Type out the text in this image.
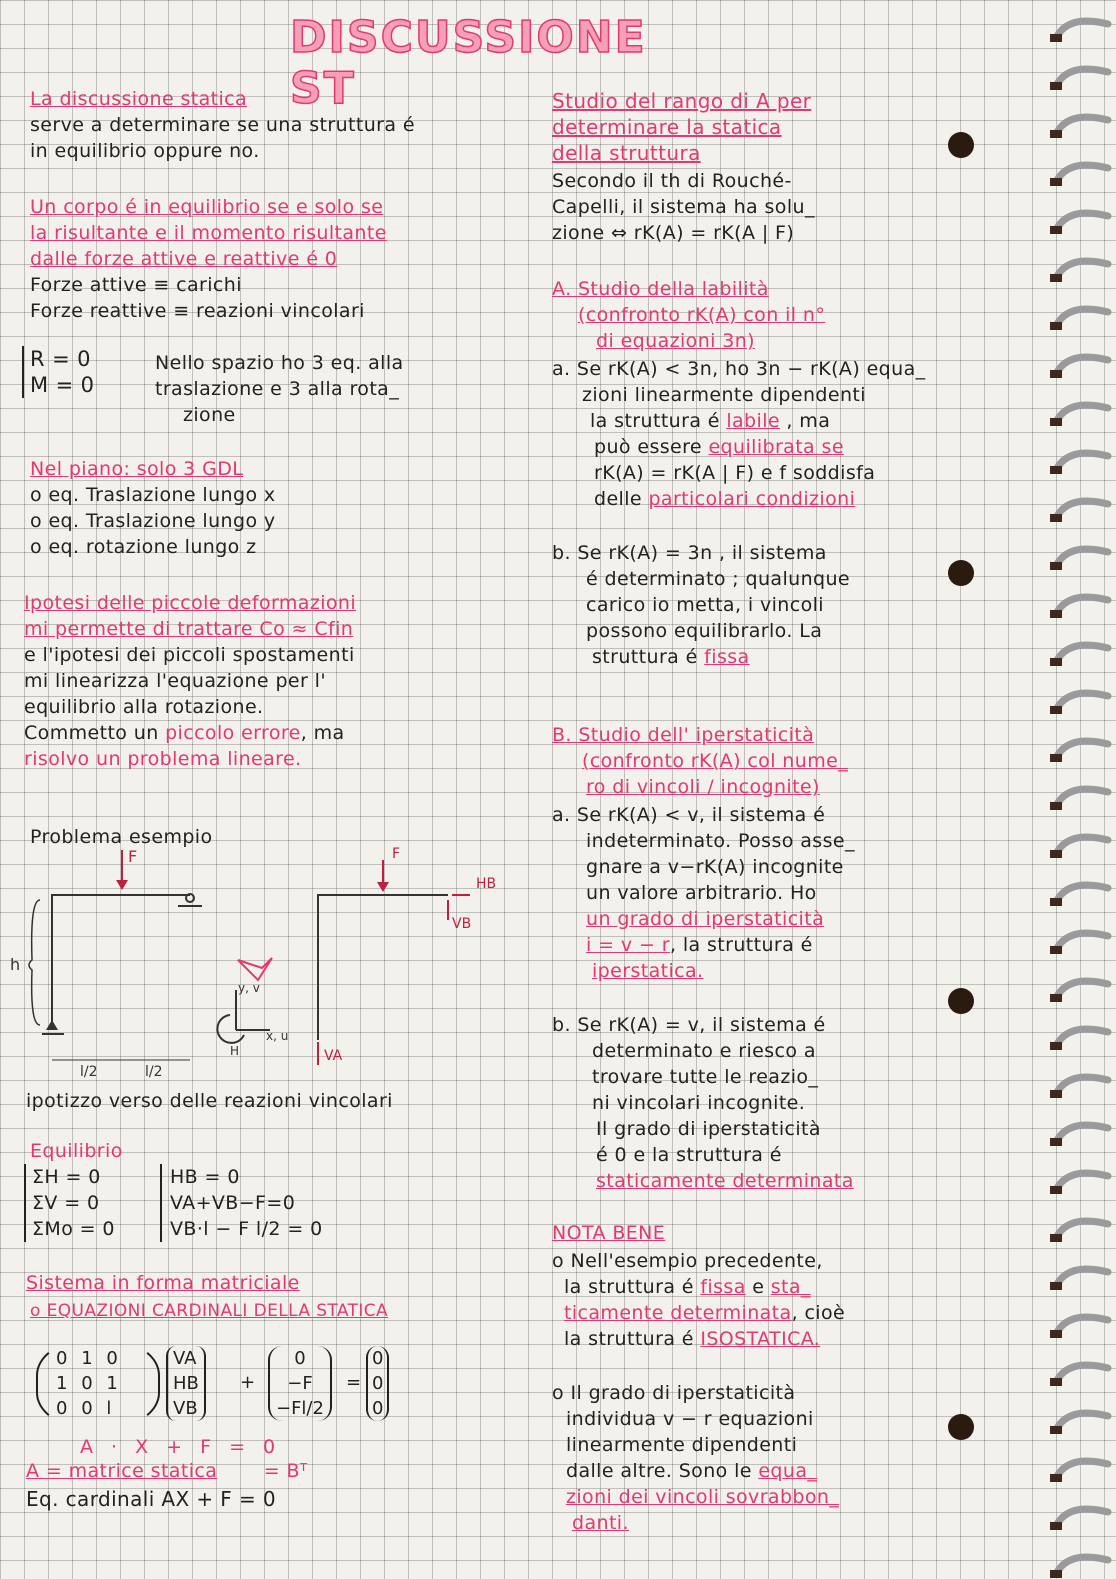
DISCUSSIONE ST

La discussione statica

serve a determinare se una struttura é

in equilibrio oppure no.

Un corpo é in equilibrio se e solo se

la risultante e il momento risultante

dalle forze attive e reattive é 0

Forze attive ≡ carichi

Forze reattive ≡ reazioni vincolari

R = 0

M = 0

Nello spazio ho 3 eq. alla

traslazione e 3 alla rota_

zione

Nel piano: solo 3 GDL

o eq. Traslazione lungo x

o eq. Traslazione lungo y

o eq. rotazione lungo z

Ipotesi delle piccole deformazioni

mi permette di trattare Co ≈ Cfin

e l'ipotesi dei piccoli spostamenti

mi linearizza l'equazione per l'

equilibrio alla rotazione.

Commetto un piccolo errore, ma

risolvo un problema lineare.

Problema esempio
F
h
l/2	l/2
y, v
x, u
H
F
HB
VB
VA
ipotizzo verso delle reazioni vincolari
Equilibrio

ΣH = 0

ΣV = 0

ΣMo = 0

HB = 0

VA+VB−F=0

VB·l − F l/2 = 0

Sistema in forma matriciale
o EQUAZIONI CARDINALI DELLA STATICA
0 1 0
1 0 1
0 0 l
VA
HB
VB
+
0
−F
−Fl/2
=
0
0
0
A · X + F = 0
A = matrice statica = Bᵀ
Eq. cardinali AX + F = 0

Studio del rango di A per

determinare la statica

della struttura

Secondo il th di Rouché-

Capelli, il sistema ha solu_

zione ⇔ rK(A) = rK(A | F)

A. Studio della labilità

(confronto rK(A) con il n°

di equazioni 3n)

a. Se rK(A) < 3n, ho 3n − rK(A) equa_

zioni linearmente dipendenti

la struttura é labile , ma

può essere equilibrata se

rK(A) = rK(A | F) e f soddisfa

delle particolari condizioni

b. Se rK(A) = 3n , il sistema

é determinato ; qualunque

carico io metta, i vincoli

possono equilibrarlo. La

struttura é fissa

B. Studio dell' iperstaticità

(confronto rK(A) col nume_

ro di vincoli / incognite)

a. Se rK(A) < v, il sistema é

indeterminato. Posso asse_

gnare a v−rK(A) incognite

un valore arbitrario. Ho

un grado di iperstaticità

i = v − r, la struttura é

iperstatica.

b. Se rK(A) = v, il sistema é

determinato e riesco a

trovare tutte le reazio_

ni vincolari incognite.

Il grado di iperstaticità

é 0 e la struttura é

staticamente determinata

NOTA BENE

o Nell'esempio precedente,

la struttura é fissa e sta_

ticamente determinata, cioè

la struttura é ISOSTATICA.

o Il grado di iperstaticità

individua v − r equazioni

linearmente dipendenti

dalle altre. Sono le equa_

zioni dei vincoli sovrabbon_

danti.
